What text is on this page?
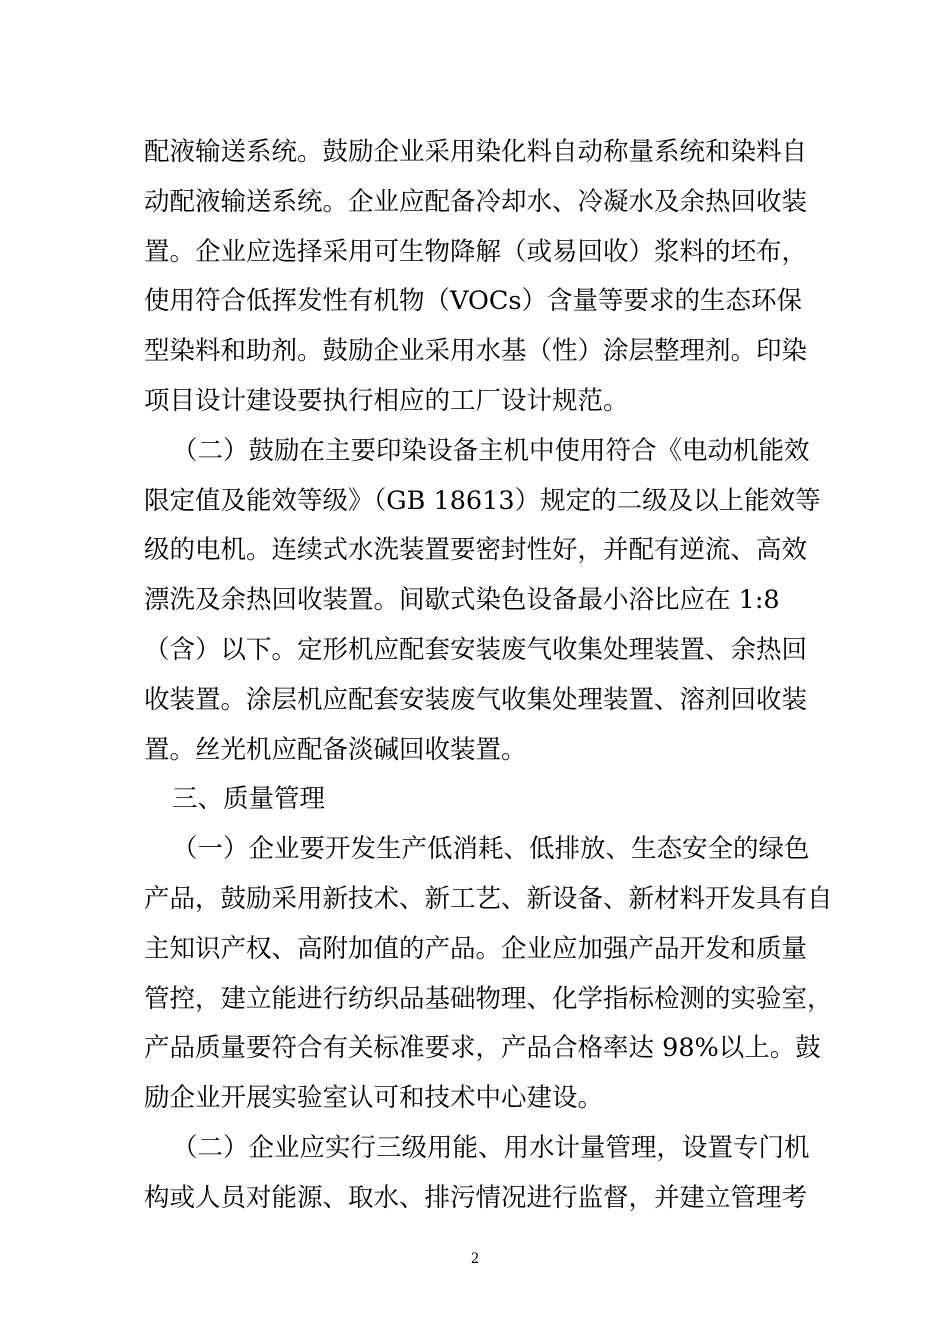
配液输送系统。鼓励企业采用染化料自动称量系统和染料自
动配液输送系统。企业应配备冷却水、冷凝水及余热回收装
置。企业应选择采用可生物降解（或易回收）浆料的坯布，
使用符合低挥发性有机物（VOCs）含量等要求的生态环保
型染料和助剂。鼓励企业采用水基（性）涂层整理剂。印染
项目设计建设要执行相应的工厂设计规范。
（二）鼓励在主要印染设备主机中使用符合《电动机能效
限定值及能效等级》（GB 18613）规定的二级及以上能效等
级的电机。连续式水洗装置要密封性好，并配有逆流、高效
漂洗及余热回收装置。间歇式染色设备最小浴比应在 1:8
（含）以下。定形机应配套安装废气收集处理装置、余热回
收装置。涂层机应配套安装废气收集处理装置、溶剂回收装
置。丝光机应配备淡碱回收装置。
三、质量管理
（一）企业要开发生产低消耗、低排放、生态安全的绿色
产品，鼓励采用新技术、新工艺、新设备、新材料开发具有自
主知识产权、高附加值的产品。企业应加强产品开发和质量
管控，建立能进行纺织品基础物理、化学指标检测的实验室，
产品质量要符合有关标准要求，产品合格率达 98%以上。鼓
励企业开展实验室认可和技术中心建设。
（二）企业应实行三级用能、用水计量管理，设置专门机
构或人员对能源、取水、排污情况进行监督，并建立管理考
2
